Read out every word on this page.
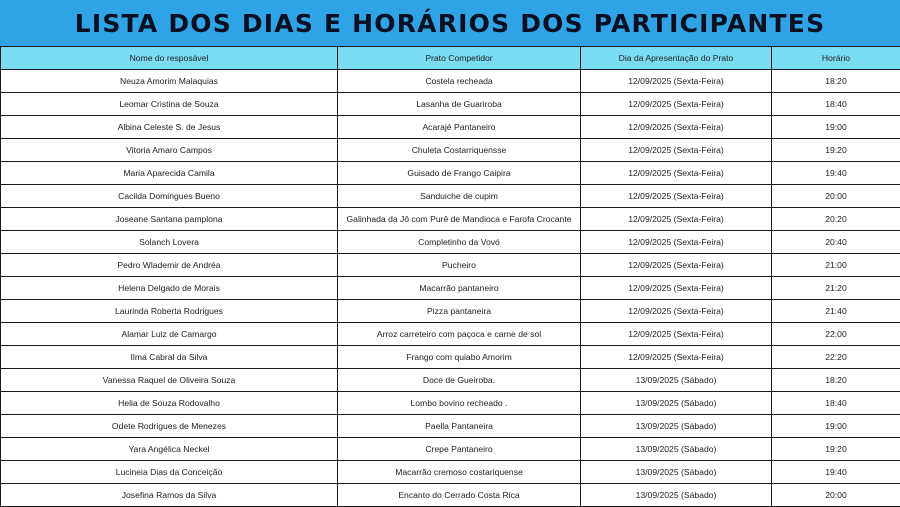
LISTA DOS DIAS E HORÁRIOS DOS PARTICIPANTES
Nome do resposável	Prato Competidor	Dia da Apresentação do Prato	Horário
Neuza Amorim Malaquias	Costela recheada	12/09/2025 (Sexta-Feira)	18:20
Leomar Cristina de Souza	Lasanha de Guariroba	12/09/2025 (Sexta-Feira)	18:40
Albina Celeste S. de Jesus	Acarajé Pantaneiro	12/09/2025 (Sexta-Feira)	19:00
Vitoria Amaro Campos	Chuleta Costarriquensse	12/09/2025 (Sexta-Feira)	19:20
Maria Aparecida Camila	Guisado de Frango Caipira	12/09/2025 (Sexta-Feira)	19:40
Cacilda Domingues Bueno	Sanduiche de cupim	12/09/2025 (Sexta-Feira)	20:00
Joseane Santana pamplona	Galinhada da Jô com Purê de Mandioca e Farofa Crocante	12/09/2025 (Sexta-Feira)	20:20
Solanch Lovera	Completinho da Vovó	12/09/2025 (Sexta-Feira)	20:40
Pedro Wlademir de Andréa	Pucheiro	12/09/2025 (Sexta-Feira)	21:00
Helena Delgado de Morais	Macarrão pantaneiro	12/09/2025 (Sexta-Feira)	21:20
Laurinda Roberta Rodrigues	Pizza pantaneira	12/09/2025 (Sexta-Feira)	21:40
Alamar Luiz de Camargo	Arroz carreteiro com paçoca e carne de sol	12/09/2025 (Sexta-Feira)	22:00
Ilma Cabral da Silva	Frango com quiabo Amorim	12/09/2025 (Sexta-Feira)	22:20
Vanessa Raquel de Oliveira Souza	Doce de Gueiroba.	13/09/2025 (Sábado)	18:20
Helia de Souza Rodovalho	Lombo bovino recheado .	13/09/2025 (Sábado)	18:40
Odete Rodrigues de Menezes	Paella Pantaneira	13/09/2025 (Sábado)	19:00
Yara Angélica Neckel	Crepe Pantaneiro	13/09/2025 (Sábado)	19:20
Lucineia Dias da Conceição	Macarrão cremoso costariquense	13/09/2025 (Sábado)	19:40
Josefina Ramos da Silva	Encanto do Cerrado Costa Rica	13/09/2025 (Sábado)	20:00
